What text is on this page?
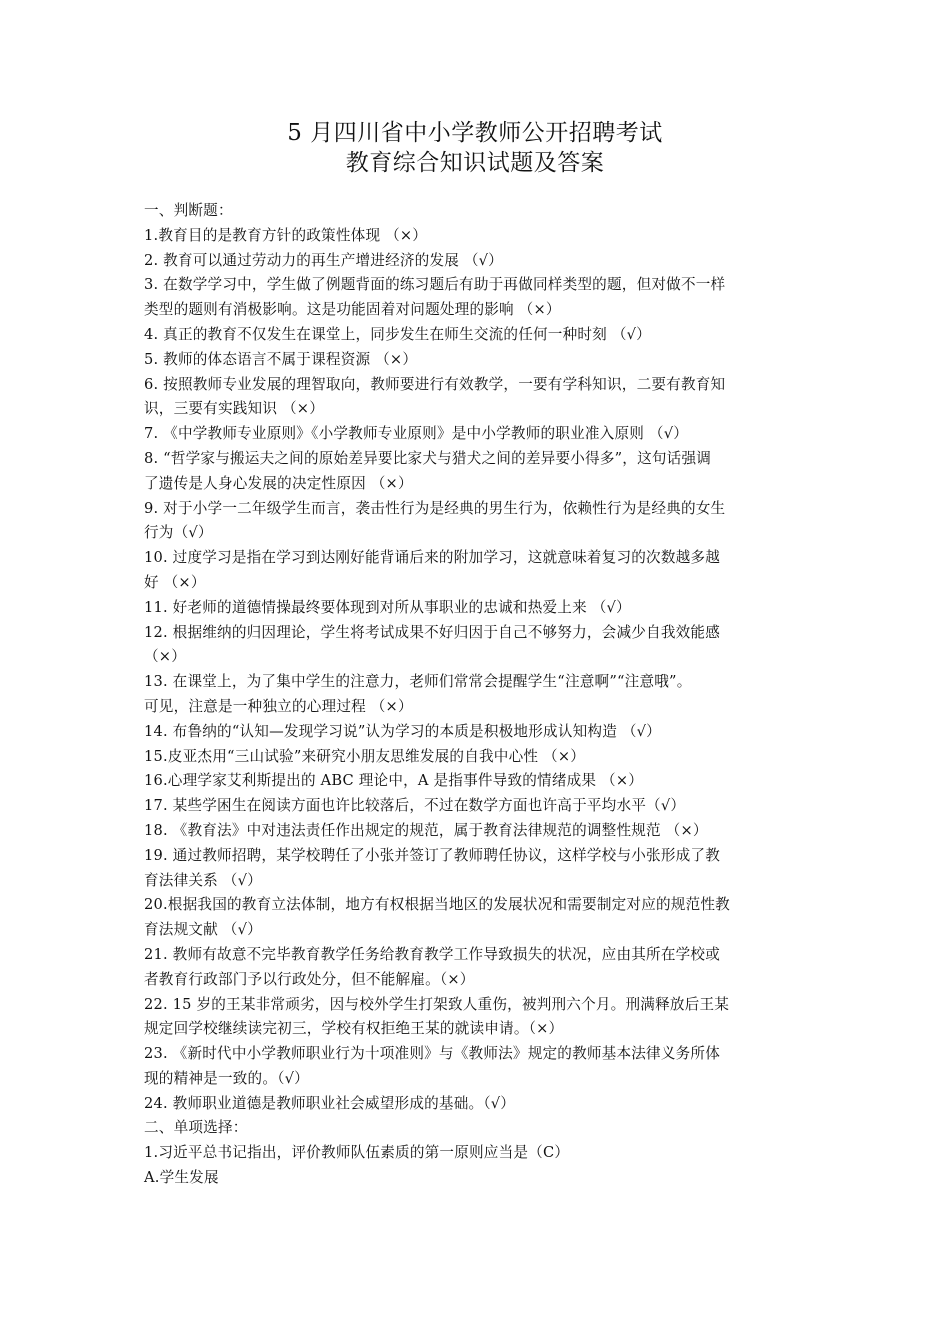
5 月四川省中小学教师公开招聘考试
教育综合知识试题及答案
一、判断题：
1.教育目的是教育方针的政策性体现 （×）
2. 教育可以通过劳动力的再生产增进经济的发展 （√）
3. 在数学学习中，学生做了例题背面的练习题后有助于再做同样类型的题，但对做不一样
类型的题则有消极影响。这是功能固着对问题处理的影响 （×）
4. 真正的教育不仅发生在课堂上，同步发生在师生交流的任何一种时刻 （√）
5. 教师的体态语言不属于课程资源 （×）
6. 按照教师专业发展的理智取向，教师要进行有效教学，一要有学科知识，二要有教育知
识，三要有实践知识 （×）
7. 《中学教师专业原则》《小学教师专业原则》是中小学教师的职业准入原则 （√）
8. “哲学家与搬运夫之间的原始差异要比家犬与猎犬之间的差异要小得多”，这句话强调
了遗传是人身心发展的决定性原因 （×）
9. 对于小学一二年级学生而言，袭击性行为是经典的男生行为，依赖性行为是经典的女生
行为（√）
10. 过度学习是指在学习到达刚好能背诵后来的附加学习，这就意味着复习的次数越多越
好 （×）
11. 好老师的道德情操最终要体现到对所从事职业的忠诚和热爱上来 （√）
12. 根据维纳的归因理论，学生将考试成果不好归因于自己不够努力，会减少自我效能感
（×）
13. 在课堂上，为了集中学生的注意力，老师们常常会提醒学生“注意啊”“注意哦”。
可见，注意是一种独立的心理过程 （×）
14. 布鲁纳的“认知—发现学习说”认为学习的本质是积极地形成认知构造 （√）
15.皮亚杰用“三山试验”来研究小朋友思维发展的自我中心性 （×）
16.心理学家艾利斯提出的 ABC 理论中，A 是指事件导致的情绪成果 （×）
17. 某些学困生在阅读方面也许比较落后，不过在数学方面也许高于平均水平（√）
18. 《教育法》中对违法责任作出规定的规范，属于教育法律规范的调整性规范 （×）
19. 通过教师招聘，某学校聘任了小张并签订了教师聘任协议，这样学校与小张形成了教
育法律关系 （√）
20.根据我国的教育立法体制，地方有权根据当地区的发展状况和需要制定对应的规范性教
育法规文献 （√）
21. 教师有故意不完毕教育教学任务给教育教学工作导致损失的状况，应由其所在学校或
者教育行政部门予以行政处分，但不能解雇。（×）
22. 15 岁的王某非常顽劣，因与校外学生打架致人重伤，被判刑六个月。刑满释放后王某
规定回学校继续读完初三，学校有权拒绝王某的就读申请。（×）
23. 《新时代中小学教师职业行为十项准则》与《教师法》规定的教师基本法律义务所体
现的精神是一致的。（√）
24. 教师职业道德是教师职业社会威望形成的基础。（√）
二、单项选择：
1.习近平总书记指出，评价教师队伍素质的第一原则应当是（C）
A.学生发展
